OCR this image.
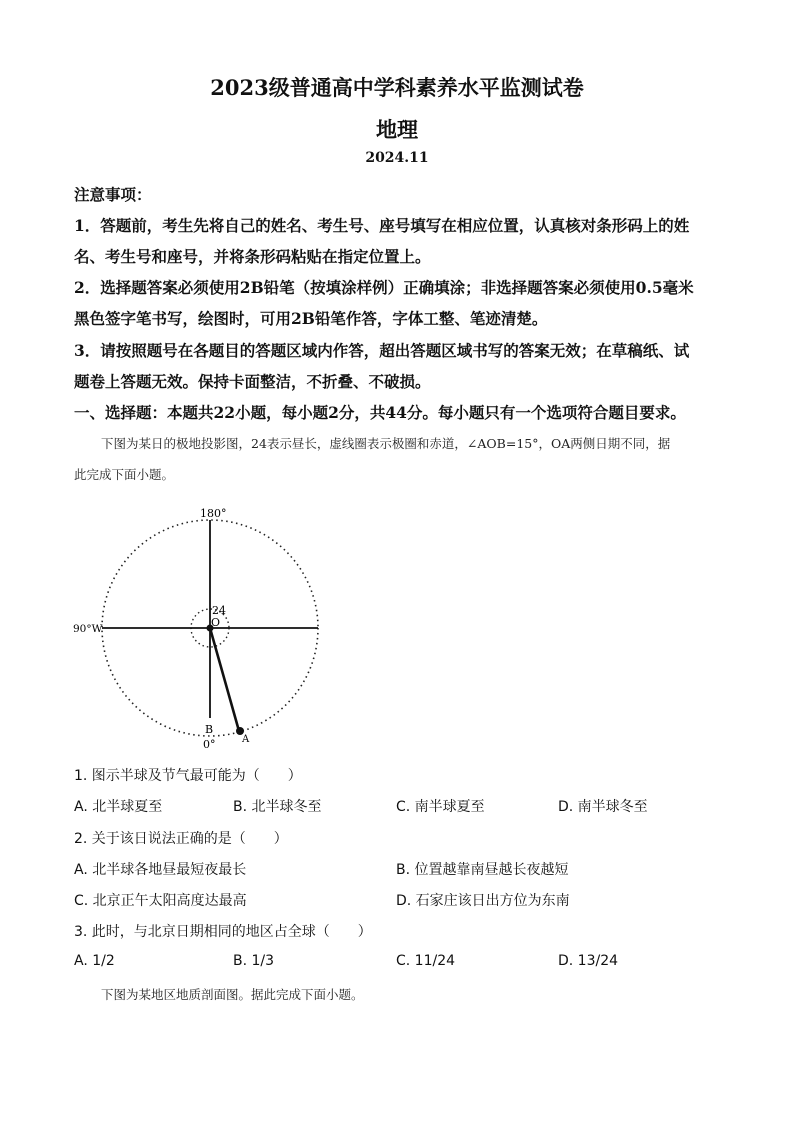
2023级普通高中学科素养水平监测试卷
地理
2024.11
注意事项：
1．答题前，考生先将自己的姓名、考生号、座号填写在相应位置，认真核对条形码上的姓
名、考生号和座号，并将条形码粘贴在指定位置上。
2．选择题答案必须使用2B铅笔（按填涂样例）正确填涂；非选择题答案必须使用0.5毫米
黑色签字笔书写，绘图时，可用2B铅笔作答，字体工整、笔迹清楚。
3．请按照题号在各题目的答题区域内作答，超出答题区域书写的答案无效；在草稿纸、试
题卷上答题无效。保持卡面整洁，不折叠、不破损。
一、选择题：本题共22小题，每小题2分，共44分。每小题只有一个选项符合题目要求。
下图为某日的极地投影图，24表示昼长，虚线圈表示极圈和赤道，∠AOB=15°，OA两侧日期不同，据
此完成下面小题。
180°
90°W
0°
O
24
B
A
1. 图示半球及节气最可能为（　　）
A. 北半球夏至	B. 北半球冬至	C. 南半球夏至	D. 南半球冬至
2. 关于该日说法正确的是（　　）
A. 北半球各地昼最短夜最长	B. 位置越靠南昼越长夜越短
C. 北京正午太阳高度达最高	D. 石家庄该日出方位为东南
3. 此时，与北京日期相同的地区占全球（　　）
A. 1/2	B. 1/3	C. 11/24	D. 13/24
下图为某地区地质剖面图。据此完成下面小题。
